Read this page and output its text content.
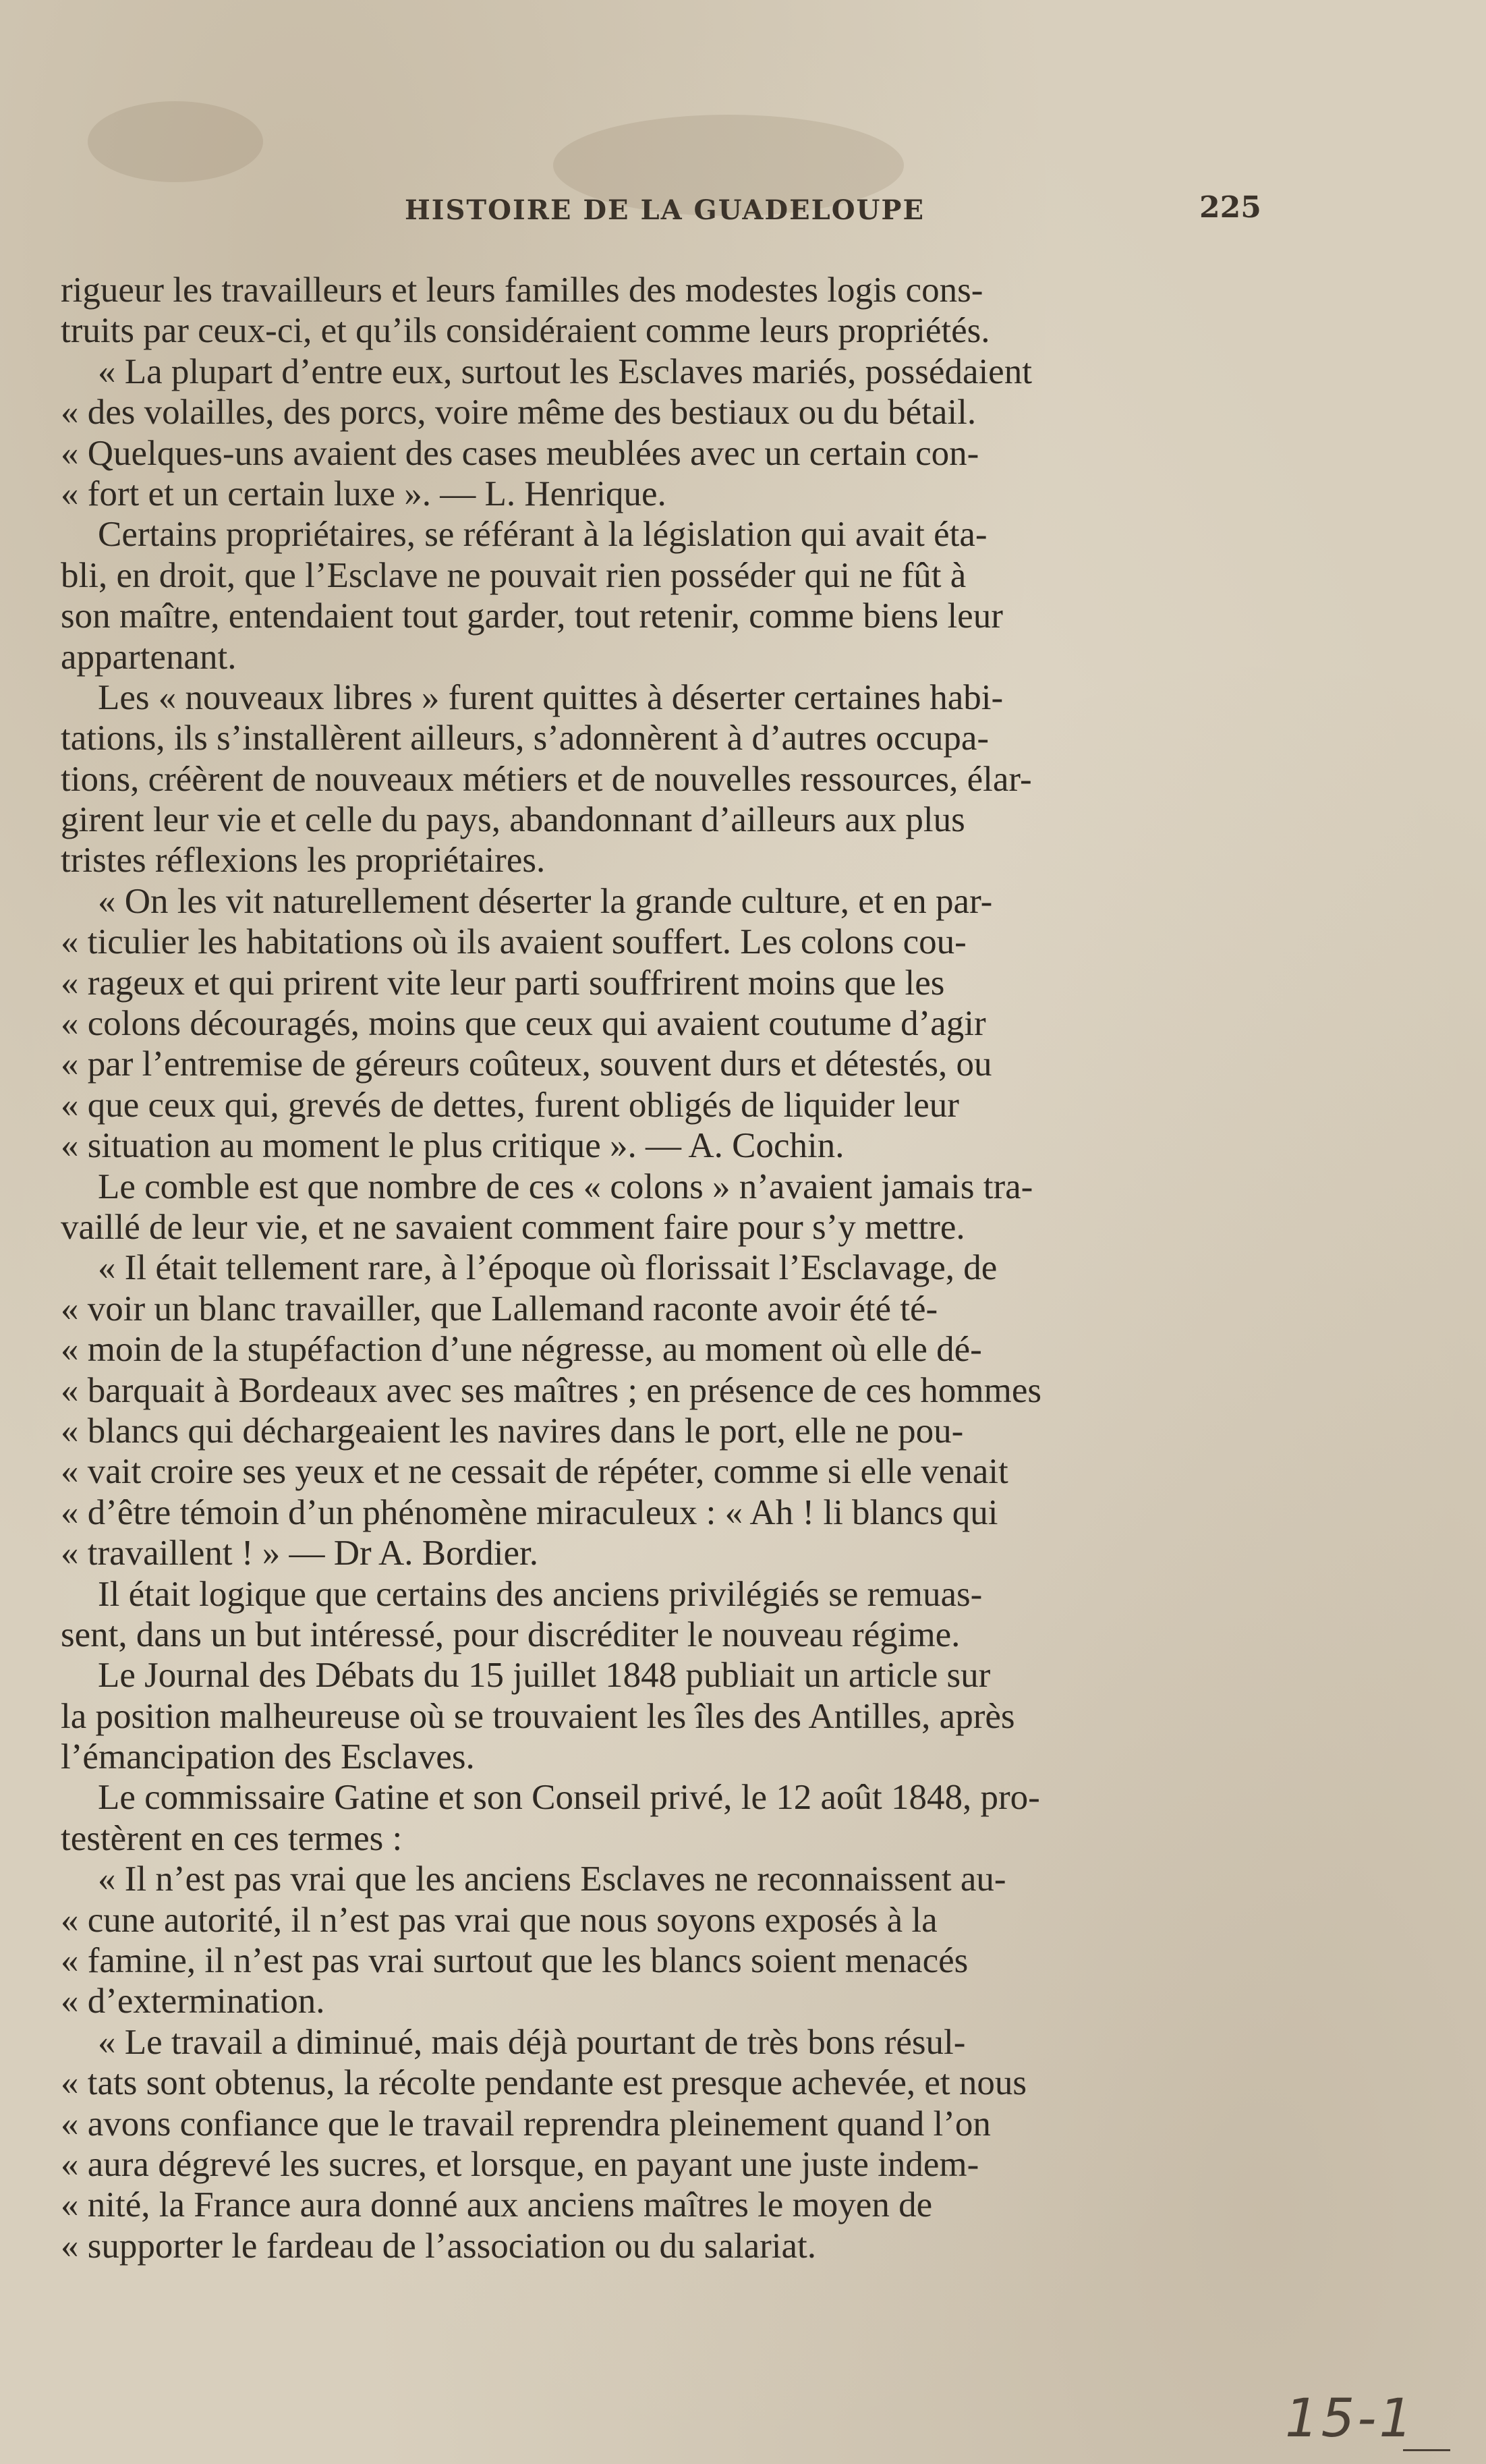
HISTOIRE DE LA GUADELOUPE	225
rigueur les travailleurs et leurs familles des modestes logis cons-
truits par ceux-ci, et qu’ils considéraient comme leurs propriétés.
« La plupart d’entre eux, surtout les Esclaves mariés, possédaient
« des volailles, des porcs, voire même des bestiaux ou du bétail.
« Quelques-uns avaient des cases meublées avec un certain con-
« fort et un certain luxe ». — L. Henrique.
Certains propriétaires, se référant à la législation qui avait éta-
bli, en droit, que l’Esclave ne pouvait rien posséder qui ne fût à
son maître, entendaient tout garder, tout retenir, comme biens leur
appartenant.
Les « nouveaux libres » furent quittes à déserter certaines habi-
tations, ils s’installèrent ailleurs, s’adonnèrent à d’autres occupa-
tions, créèrent de nouveaux métiers et de nouvelles ressources, élar-
girent leur vie et celle du pays, abandonnant d’ailleurs aux plus
tristes réflexions les propriétaires.
« On les vit naturellement déserter la grande culture, et en par-
« ticulier les habitations où ils avaient souffert. Les colons cou-
« rageux et qui prirent vite leur parti souffrirent moins que les
« colons découragés, moins que ceux qui avaient coutume d’agir
« par l’entremise de géreurs coûteux, souvent durs et détestés, ou
« que ceux qui, grevés de dettes, furent obligés de liquider leur
« situation au moment le plus critique ». — A. Cochin.
Le comble est que nombre de ces « colons » n’avaient jamais tra-
vaillé de leur vie, et ne savaient comment faire pour s’y mettre.
« Il était tellement rare, à l’époque où florissait l’Esclavage, de
« voir un blanc travailler, que Lallemand raconte avoir été té-
« moin de la stupéfaction d’une négresse, au moment où elle dé-
« barquait à Bordeaux avec ses maîtres ; en présence de ces hommes
« blancs qui déchargeaient les navires dans le port, elle ne pou-
« vait croire ses yeux et ne cessait de répéter, comme si elle venait
« d’être témoin d’un phénomène miraculeux : « Ah ! li blancs qui
« travaillent ! » — Dr A. Bordier.
Il était logique que certains des anciens privilégiés se remuas-
sent, dans un but intéressé, pour discréditer le nouveau régime.
Le Journal des Débats du 15 juillet 1848 publiait un article sur
la position malheureuse où se trouvaient les îles des Antilles, après
l’émancipation des Esclaves.
Le commissaire Gatine et son Conseil privé, le 12 août 1848, pro-
testèrent en ces termes :
« Il n’est pas vrai que les anciens Esclaves ne reconnaissent au-
« cune autorité, il n’est pas vrai que nous soyons exposés à la
« famine, il n’est pas vrai surtout que les blancs soient menacés
« d’extermination.
« Le travail a diminué, mais déjà pourtant de très bons résul-
« tats sont obtenus, la récolte pendante est presque achevée, et nous
« avons confiance que le travail reprendra pleinement quand l’on
« aura dégrevé les sucres, et lorsque, en payant une juste indem-
« nité, la France aura donné aux anciens maîtres le moyen de
« supporter le fardeau de l’association ou du salariat.
15-1
